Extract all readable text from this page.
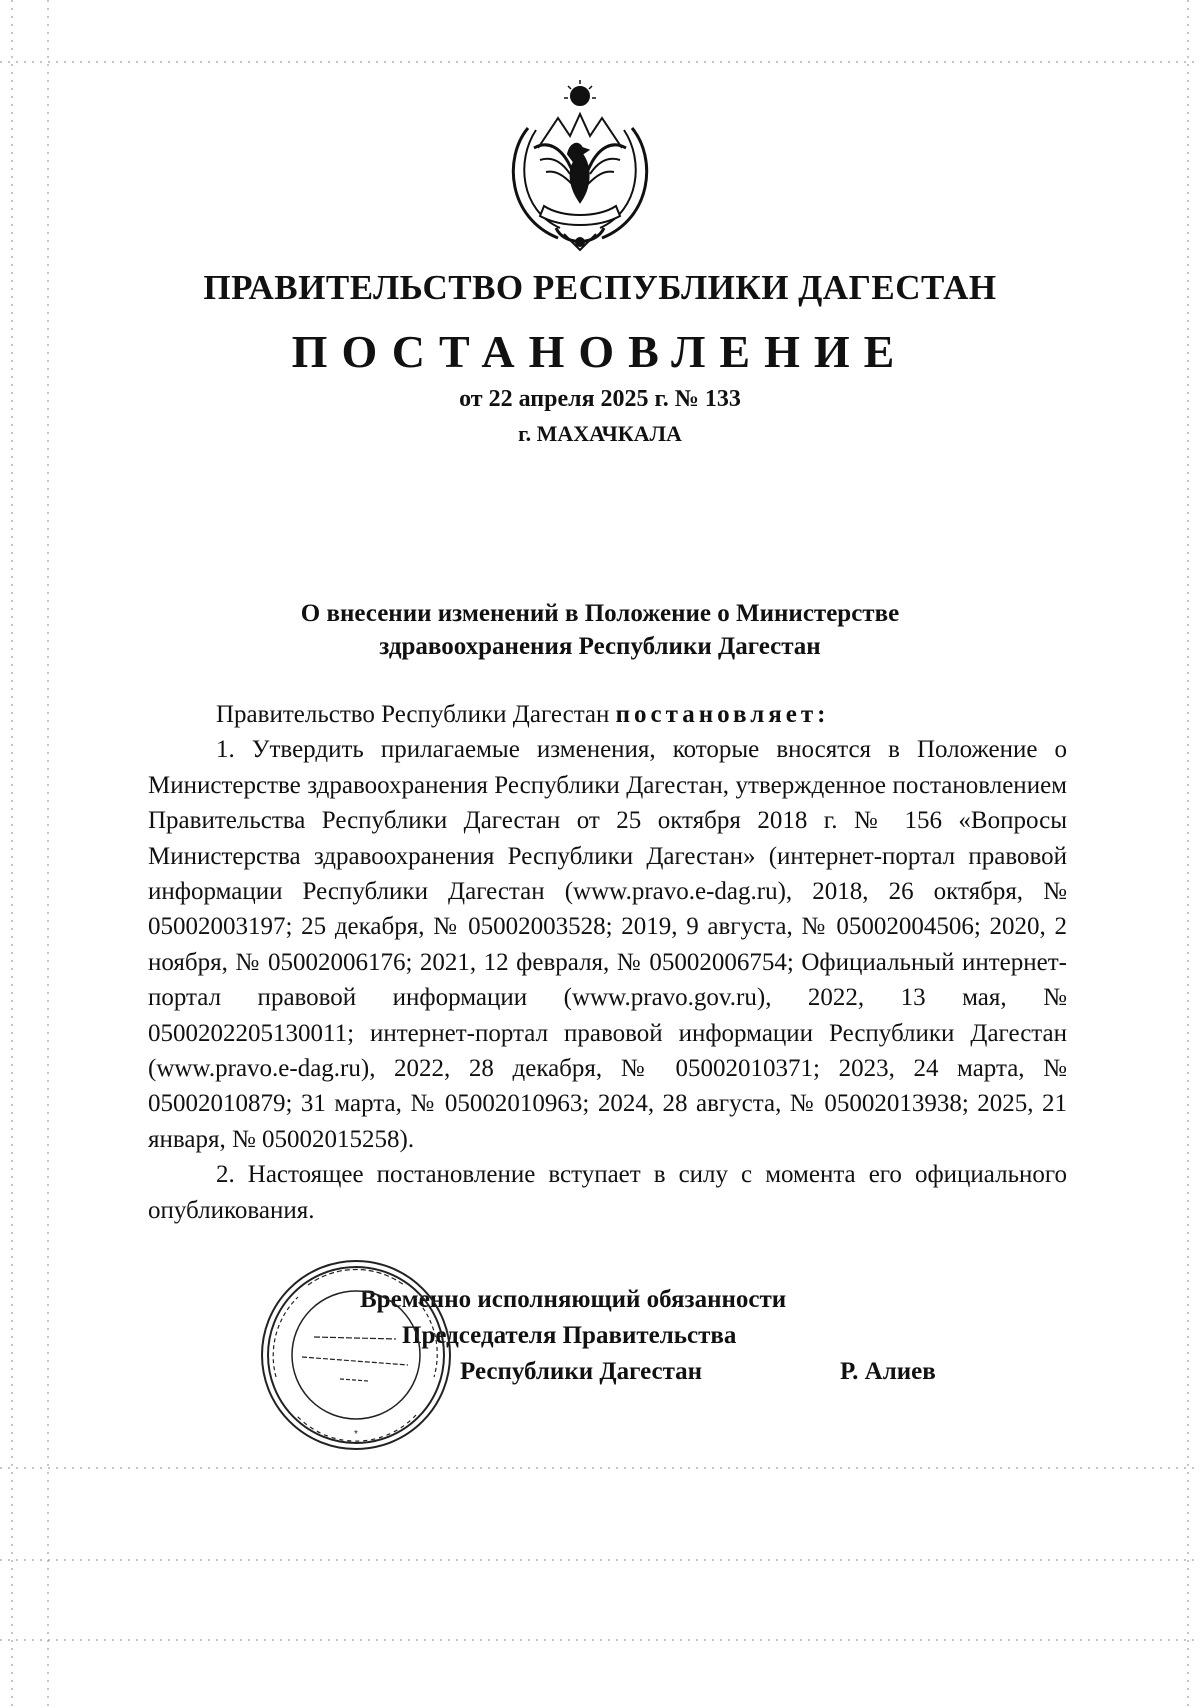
ПРАВИТЕЛЬСТВО РЕСПУБЛИКИ ДАГЕСТАН
ПОСТАНОВЛЕНИЕ
от 22 апреля 2025 г. № 133
г. МАХАЧКАЛА
О внесении изменений в Положение о Министерстве
здравоохранения Республики Дагестан

Правительство Республики Дагестан постановляет:

1. Утвердить прилагаемые изменения, которые вносятся в Положение о Министерстве здравоохранения Республики Дагестан, утвержденное постановлением Правительства Республики Дагестан от 25 октября 2018 г. № 156 «Вопросы Министерства здравоохранения Республики Дагестан» (интернет-портал правовой информации Республики Дагестан (www.pravo.e-dag.ru), 2018, 26 октября, № 05002003197; 25 декабря, № 05002003528; 2019, 9 августа, № 05002004506; 2020, 2 ноября, № 05002006176; 2021, 12 февраля, № 05002006754; Официальный интернет-портал правовой информации (www.pravo.gov.ru), 2022, 13 мая, № 0500202205130011; интернет-портал правовой информации Республики Дагестан (www.pravo.e-dag.ru), 2022, 28 декабря, № 05002010371; 2023, 24 марта, № 05002010879; 31 марта, № 05002010963; 2024, 28 августа, № 05002013938; 2025, 21 января, № 05002015258).

2. Настоящее постановление вступает в силу с момента его официального опубликования.

Временно исполняющий обязанности
Председателя Правительства
Республики Дагестан	Р. Алиев
*
